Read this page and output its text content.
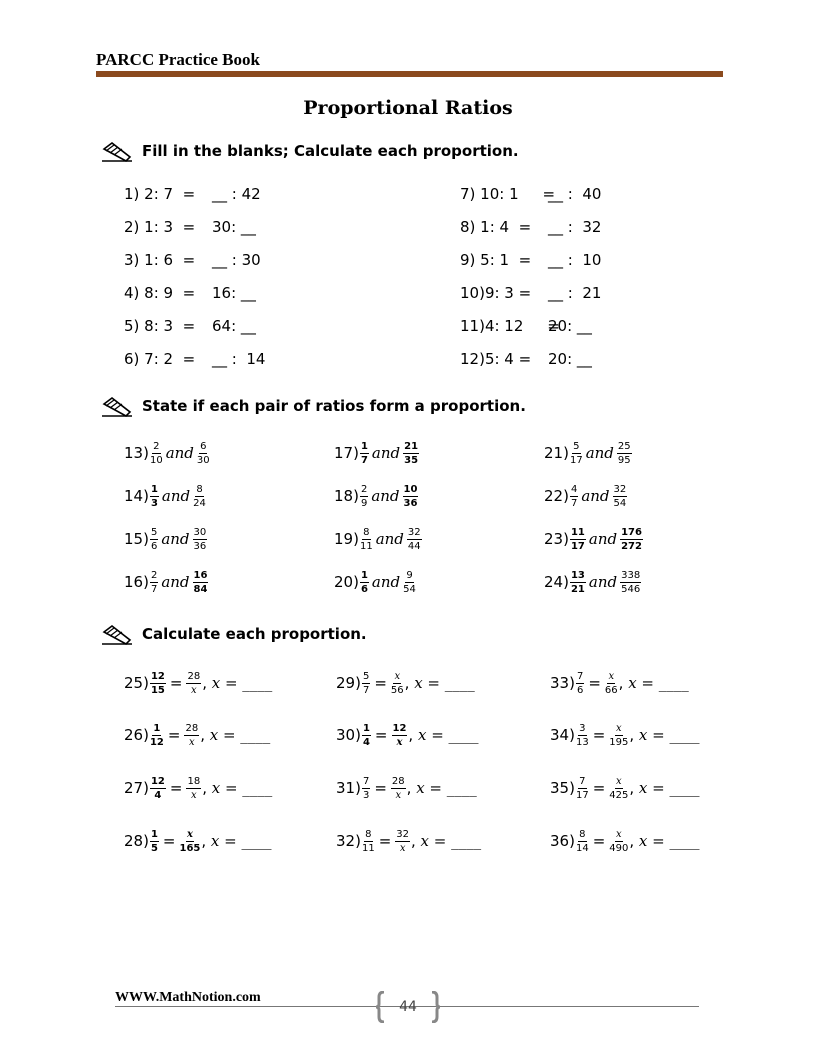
PARCC Practice Book
Proportional Ratios
Fill in the blanks; Calculate each proportion.
State if each pair of ratios form a proportion.
Calculate each proportion.
1) 2: 7  =	__ : 42
2) 1: 3  =	30: __
3) 1: 6  =	__ : 30
4) 8: 9  =	16: __
5) 8: 3  =	64: __
6) 7: 2  =	__ :  14
7) 10: 1     =
__ :  40
8) 1: 4  =	__ :  32
9) 5: 1  =	__ :  10
10)9: 3 =	__ :  21
11)4: 12     =
20: __
12)5: 4 =	20: __
$13) \frac{2}{10}$ and $\frac{6}{30}$
$14) \frac{1}{3}$ and $\frac{8}{24}$
$15) \frac{5}{6}$ and $\frac{30}{36}$
$16) \frac{2}{7}$ and $\frac{16}{84}$
$17) \frac{1}{7}$ and $\frac{21}{35}$
$18) \frac{2}{9}$ and $\frac{10}{36}$
$19) \frac{8}{11}$ and $\frac{32}{44}$
$20) \frac{1}{6}$ and $\frac{9}{54}$
$21) \frac{5}{17}$ and $\frac{25}{95}$
$22) \frac{4}{7}$ and $\frac{32}{54}$
$23) \frac{11}{17}$ and $\frac{176}{272}$
$24) \frac{13}{21}$ and $\frac{338}{546}$
$25) \frac{12}{15} = \frac{28}{x}$ , x = ____
$26) \frac{1}{12} = \frac{28}{x}$ , x = ____
$27) \frac{12}{4} = \frac{18}{x}$ , x = ____
$28) \frac{1}{5} = \frac{x}{165}$ , x = ____
$29) \frac{5}{7} = \frac{x}{56}$ , x = ____
$30) \frac{1}{4} = \frac{12}{x}$ , x = ____
$31) \frac{7}{3} = \frac{28}{x}$ , x = ____
$32) \frac{8}{11} = \frac{32}{x}$ , x = ____
$33) \frac{7}{6} = \frac{x}{66}$ , x = ____
$34) \frac{3}{13} = \frac{x}{195}$ , x = ____
$35) \frac{7}{17} = \frac{x}{425}$ , x = ____
$36) \frac{8}{14} = \frac{x}{490}$ , x = ____
WWW.MathNotion.com
44
